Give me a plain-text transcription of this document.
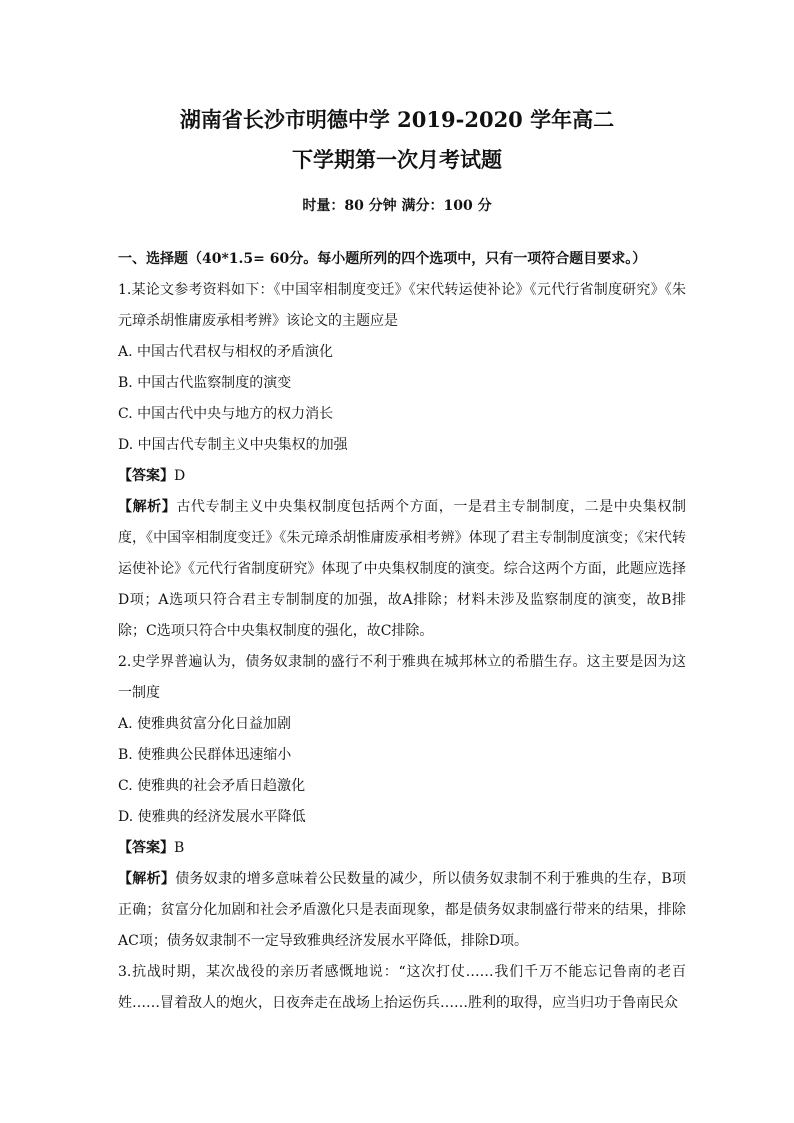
湖南省长沙市明德中学 2019-2020 学年高二
下学期第一次月考试题
时量：80 分钟 满分：100 分

一、选择题（40*1.5= 60分。每小题所列的四个选项中，只有一项符合题目要求。）

1.某论文参考资料如下：《中国宰相制度变迁》《宋代转运使补论》《元代行省制度研究》《朱元璋杀胡惟庸废承相考辨》该论文的主题应是

A. 中国古代君权与相权的矛盾演化

B. 中国古代监察制度的演变

C. 中国古代中央与地方的权力消长

D. 中国古代专制主义中央集权的加强

【答案】D

【解析】古代专制主义中央集权制度包括两个方面，一是君主专制制度，二是中央集权制度，《中国宰相制度变迁》《朱元璋杀胡惟庸废承相考辨》体现了君主专制制度演变；《宋代转运使补论》《元代行省制度研究》体现了中央集权制度的演变。综合这两个方面，此题应选择D项；A选项只符合君主专制制度的加强，故A排除；材料未涉及监察制度的演变，故B排除；C选项只符合中央集权制度的强化，故C排除。

2.史学界普遍认为，债务奴隶制的盛行不利于雅典在城邦林立的希腊生存。这主要是因为这一制度

A. 使雅典贫富分化日益加剧

B. 使雅典公民群体迅速缩小

C. 使雅典的社会矛盾日趋激化

D. 使雅典的经济发展水平降低

【答案】B

【解析】债务奴隶的增多意味着公民数量的减少，所以债务奴隶制不利于雅典的生存，B项正确；贫富分化加剧和社会矛盾激化只是表面现象，都是债务奴隶制盛行带来的结果，排除AC项；债务奴隶制不一定导致雅典经济发展水平降低，排除D项。

3.抗战时期，某次战役的亲历者感慨地说：“这次打仗……我们千万不能忘记鲁南的老百姓……冒着敌人的炮火，日夜奔走在战场上抬运伤兵……胜利的取得，应当归功于鲁南民众
